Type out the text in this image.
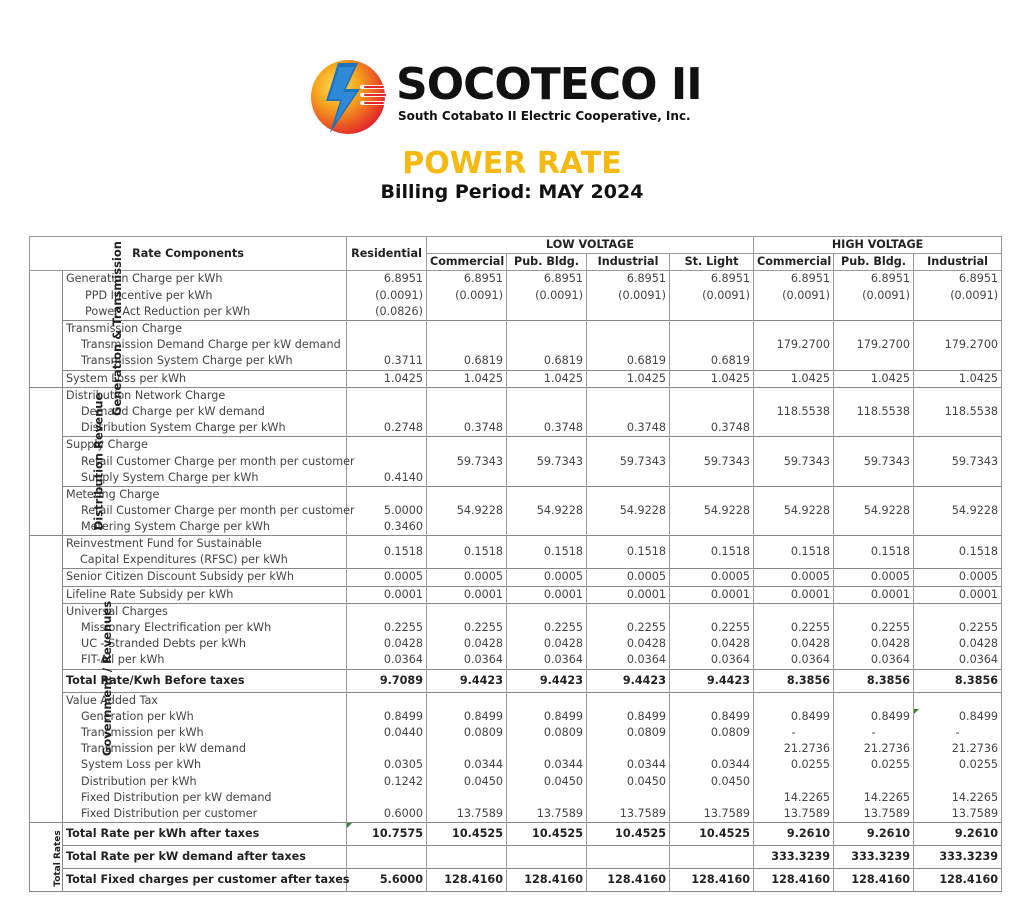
SOCOTECO II
South Cotabato II Electric Cooperative, Inc.
POWER RATE
Billing Period: MAY 2024
Rate Components		Residential	LOW VOLTAGE				HIGH VOLTAGE		
			Commercial	Pub. Bldg.	Industrial	St. Light	Commercial	Pub. Bldg.	Industrial
Generation & Transmission	Generation Charge per kWh	6.8951	6.8951	6.8951	6.8951	6.8951	6.8951	6.8951	6.8951

	PPD Incentive per kWh	(0.0091)	(0.0091)	(0.0091)	(0.0091)	(0.0091)	(0.0091)	(0.0091)	(0.0091)

	Power Act Reduction per kWh	(0.0826)							

	Transmission Charge								

	Transmission Demand Charge per kW demand						179.2700	179.2700	179.2700

	Transmission System Charge per kWh	0.3711	0.6819	0.6819	0.6819	0.6819			

	System Loss per kWh	1.0425	1.0425	1.0425	1.0425	1.0425	1.0425	1.0425	1.0425
Distribution Revenue	Distribution Network Charge								

	Demand Charge per kW demand						118.5538	118.5538	118.5538

	Distribution System Charge per kWh	0.2748	0.3748	0.3748	0.3748	0.3748			

	Supply Charge								

	Retail Customer Charge per month per customer		59.7343	59.7343	59.7343	59.7343	59.7343	59.7343	59.7343

	Supply System Charge per kWh	0.4140							

	Metering Charge								

	Retail Customer Charge per month per customer	5.0000	54.9228	54.9228	54.9228	54.9228	54.9228	54.9228	54.9228

	Metering System Charge per kWh	0.3460							
Government / Revenues	Reinvestment Fund for Sustainable
Capital Expenditures (RFSC) per kWh	0.1518	0.1518	0.1518	0.1518	0.1518	0.1518	0.1518	0.1518

	Senior Citizen Discount Subsidy per kWh	0.0005	0.0005	0.0005	0.0005	0.0005	0.0005	0.0005	0.0005

	Lifeline Rate Subsidy per kWh	0.0001	0.0001	0.0001	0.0001	0.0001	0.0001	0.0001	0.0001

	Universal Charges								

	Missionary Electrification per kWh	0.2255	0.2255	0.2255	0.2255	0.2255	0.2255	0.2255	0.2255

	UC - Stranded Debts per kWh	0.0428	0.0428	0.0428	0.0428	0.0428	0.0428	0.0428	0.0428

	FIT-All per kWh	0.0364	0.0364	0.0364	0.0364	0.0364	0.0364	0.0364	0.0364

	Total Rate/Kwh Before taxes	9.7089	9.4423	9.4423	9.4423	9.4423	8.3856	8.3856	8.3856

	Value Added Tax								

	Generation per kWh	0.8499	0.8499	0.8499	0.8499	0.8499	0.8499	0.8499	0.8499

	Transmission per kWh	0.0440	0.0809	0.0809	0.0809	0.0809	-	-	-

	Transmission per kW demand						21.2736	21.2736	21.2736

	System Loss per kWh	0.0305	0.0344	0.0344	0.0344	0.0344	0.0255	0.0255	0.0255

	Distribution per kWh	0.1242	0.0450	0.0450	0.0450	0.0450			

	Fixed Distribution per kW demand						14.2265	14.2265	14.2265

	Fixed Distribution per customer	0.6000	13.7589	13.7589	13.7589	13.7589	13.7589	13.7589	13.7589
Total Rates	Total Rate per kWh after taxes	10.7575	10.4525	10.4525	10.4525	10.4525	9.2610	9.2610	9.2610

	Total Rate per kW demand after taxes						333.3239	333.3239	333.3239

	Total Fixed charges per customer after taxes	5.6000	128.4160	128.4160	128.4160	128.4160	128.4160	128.4160	128.4160
